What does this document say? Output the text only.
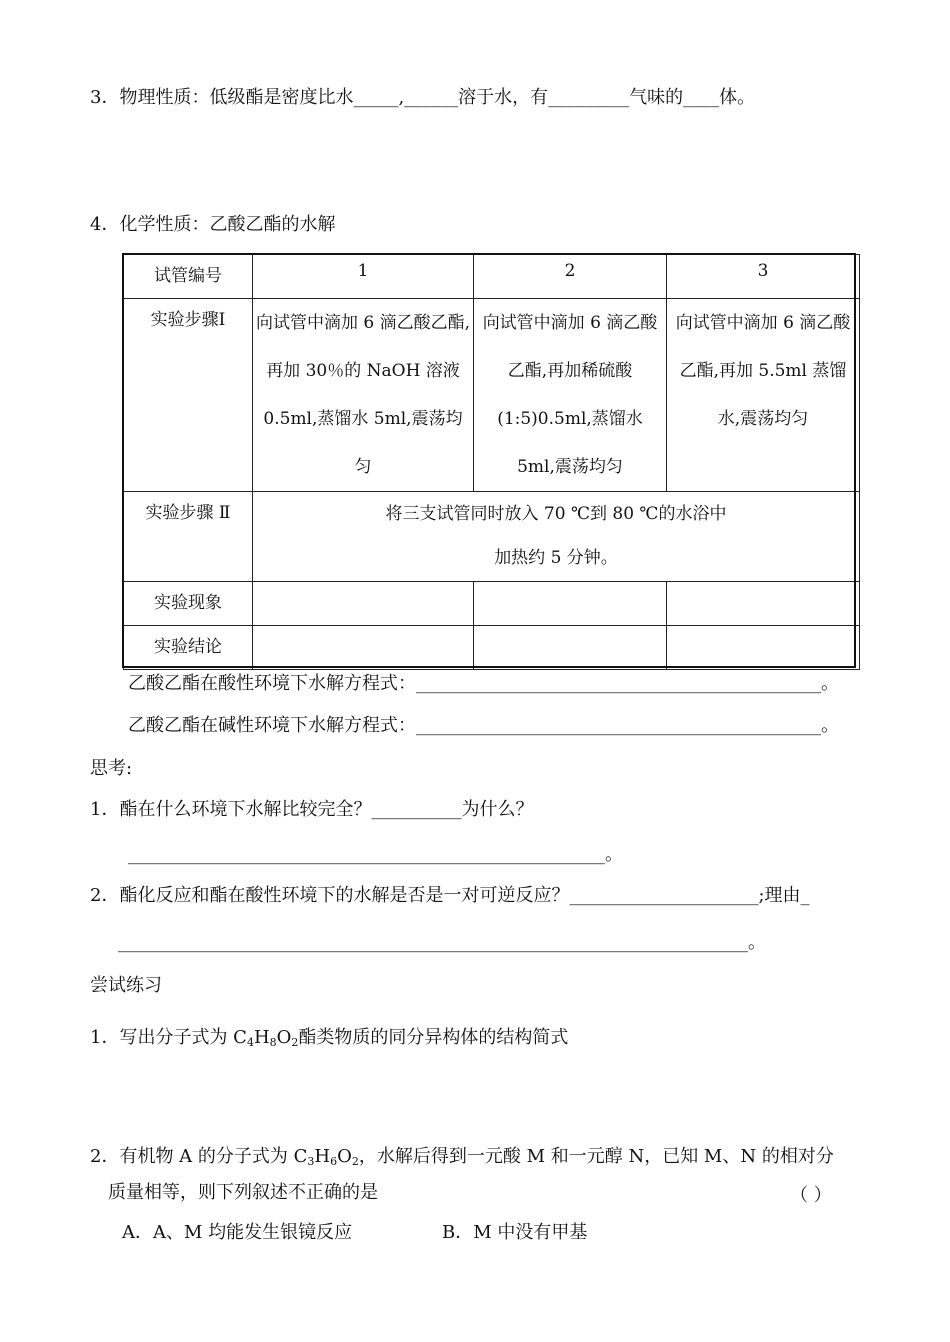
3．物理性质：低级酯是密度比水_____,______溶于水，有_________气味的____体。
4．化学性质：乙酸乙酯的水解
试管编号	1	2	3
实验步骤Ⅰ	向试管中滴加 6 滴乙酸乙酯,再加 30％的 NaOH 溶液 0.5ml,蒸馏水 5ml,震荡均匀	向试管中滴加 6 滴乙酸乙酯,再加稀硫酸(1:5)0.5ml,蒸馏水 5ml,震荡均匀	向试管中滴加 6 滴乙酸乙酯,再加 5.5ml 蒸馏水,震荡均匀
实验步骤 Ⅱ	将三支试管同时放入 70 ℃到 80 ℃的水浴中
加热约 5 分钟。		

实验现象			
实验结论			
乙酸乙酯在酸性环境下水解方程式：_____________________________________________。
乙酸乙酯在碱性环境下水解方程式：_____________________________________________。
思考:
1．酯在什么环境下水解比较完全？__________为什么？
_____________________________________________________。
2．酯化反应和酯在酸性环境下的水解是否是一对可逆反应？_____________________;理由_
______________________________________________________________________。
尝试练习
1．写出分子式为 $C_4H_8O_2$酯类物质的同分异构体的结构简式
2．有机物 A 的分子式为 $C_3H_6O_2$，水解后得到一元酸 M 和一元醇 N，已知 M、N 的相对分
质量相等，则下列叙述不正确的是	（ ）
A．A、M 均能发生银镜反应	B．M 中没有甲基
